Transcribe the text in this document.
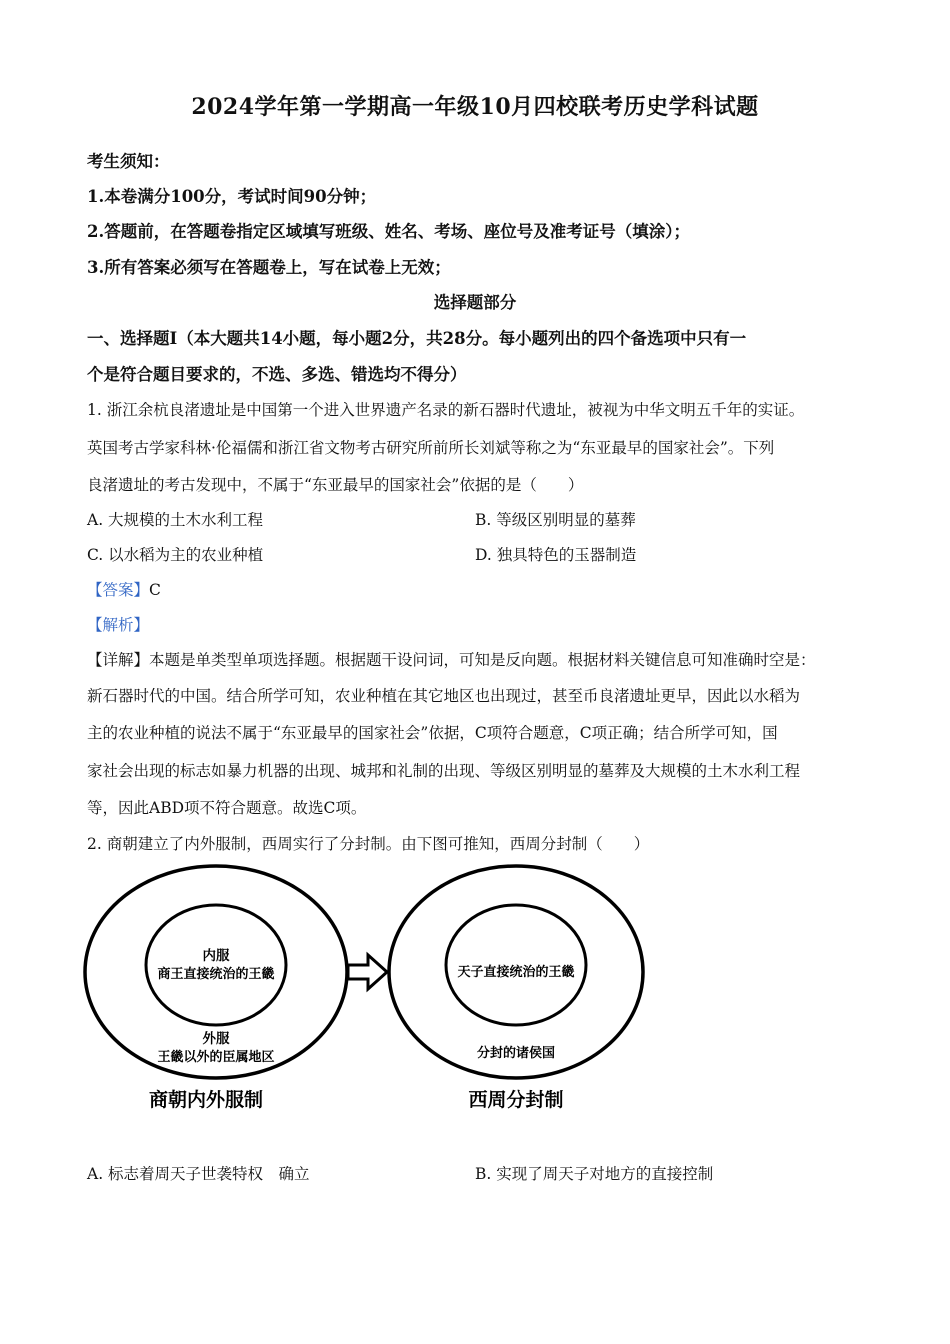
2024学年第一学期高一年级10月四校联考历史学科试题
考生须知：
1.本卷满分100分，考试时间90分钟；
2.答题前，在答题卷指定区域填写班级、姓名、考场、座位号及准考证号（填涂）；
3.所有答案必须写在答题卷上，写在试卷上无效；
选择题部分
一、选择题Ⅰ（本大题共14小题，每小题2分，共28分。每小题列出的四个备选项中只有一
个是符合题目要求的，不选、多选、错选均不得分）
1. 浙江余杭良渚遗址是中国第一个进入世界遗产名录的新石器时代遗址，被视为中华文明五千年的实证。
英国考古学家科林·伦福儒和浙江省文物考古研究所前所长刘斌等称之为“东亚最早的国家社会”。下列
良渚遗址的考古发现中，不属于“东亚最早的国家社会”依据的是（　　）
A. 大规模的土木水利工程	B. 等级区别明显的墓葬
C. 以水稻为主的农业种植	D. 独具特色的玉器制造
【答案】C
【解析】
【详解】本题是单类型单项选择题。根据题干设问词，可知是反向题。根据材料关键信息可知准确时空是：
新石器时代的中国。结合所学可知，农业种植在其它地区也出现过，甚至币良渚遗址更早，因此以水稻为
主的农业种植的说法不属于“东亚最早的国家社会”依据，C项符合题意，C项正确；结合所学可知，国
家社会出现的标志如暴力机器的出现、城邦和礼制的出现、等级区别明显的墓葬及大规模的土木水利工程
等，因此ABD项不符合题意。故选C项。
2. 商朝建立了内外服制，西周实行了分封制。由下图可推知，西周分封制（　　）
内服
商王直接统治的王畿
外服
王畿以外的臣属地区
商朝内外服制
天子直接统治的王畿
分封的诸侯国
西周分封制
A. 标志着周天子世袭特权　确立	B. 实现了周天子对地方的直接控制
